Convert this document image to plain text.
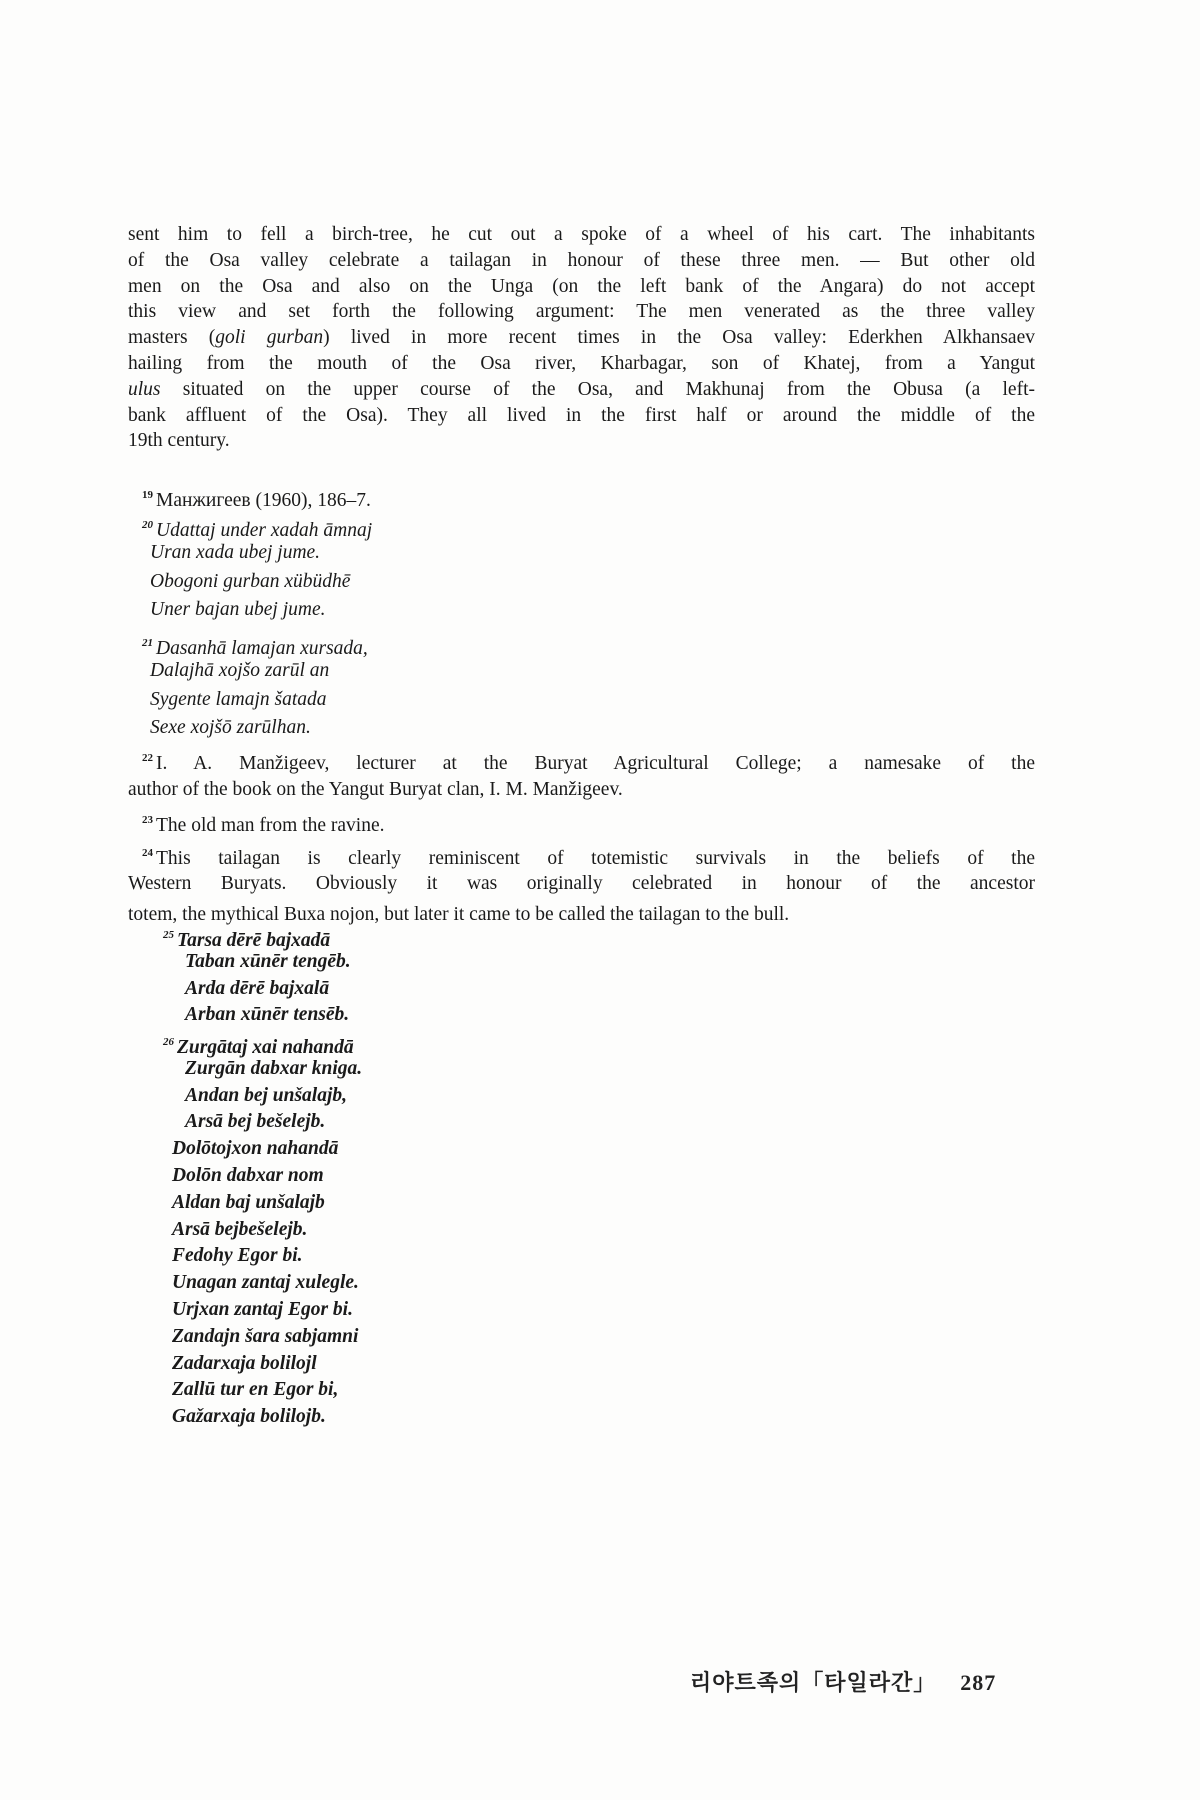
sent him to fell a birch-tree, he cut out a spoke of a wheel of his cart. The inhabitants
of the Osa valley celebrate a tailagan in honour of these three men. — But other old
men on the Osa and also on the Unga (on the left bank of the Angara) do not accept
this view and set forth the following argument: The men venerated as the three valley
masters (goli gurban) lived in more recent times in the Osa valley: Ederkhen Alkhansaev
hailing from the mouth of the Osa river, Kharbagar, son of Khatej, from a Yangut
ulus situated on the upper course of the Osa, and Makhunaj from the Obusa (a left-
bank affluent of the Osa). They all lived in the first half or around the middle of the
19th century.
$^{19}$ Манжигеев (1960), 186–7.
$^{20}$ Udattaj under xadah āmnaj
Uran xada ubej jume.
Obogoni gurban xübüdhē
Uner bajan ubej jume.
$^{21}$ Dasanhā lamajan xursada,
Dalajhā xojšo zarūl an
Sygente lamajn šatada
Sexe xojšō zarūlhan.
$^{22}$ I. A. Manžigeev, lecturer at the Buryat Agricultural College; a namesake of the
author of the book on the Yangut Buryat clan, I. M. Manžigeev.
$^{23}$ The old man from the ravine.
$^{24}$ This tailagan is clearly reminiscent of totemistic survivals in the beliefs of the
Western Buryats. Obviously it was originally celebrated in honour of the ancestor
totem, the mythical Buxa nojon, but later it came to be called the tailagan to the bull.
$^{25}$ Tarsa dērē bajxadā
Taban xūnēr tengēb.
Arda dērē bajxalā
Arban xūnēr tensēb.
$^{26}$ Zurgātaj xai nahandā
Zurgān dabxar kniga.
Andan bej unšalajb,
Arsā bej bešelejb.
Dolōtojxon nahandā
Dolōn dabxar nom
Aldan baj unšalajb
Arsā bejbešelejb.
Fedohy Egor bi.
Unagan zantaj xulegle.
Urjxan zantaj Egor bi.
Zandajn šara sabjamni
Zadarxaja bolilojl
Zallū tur en Egor bi,
Gažarxaja bolilojb.
리야트족의「타일라간」 287
